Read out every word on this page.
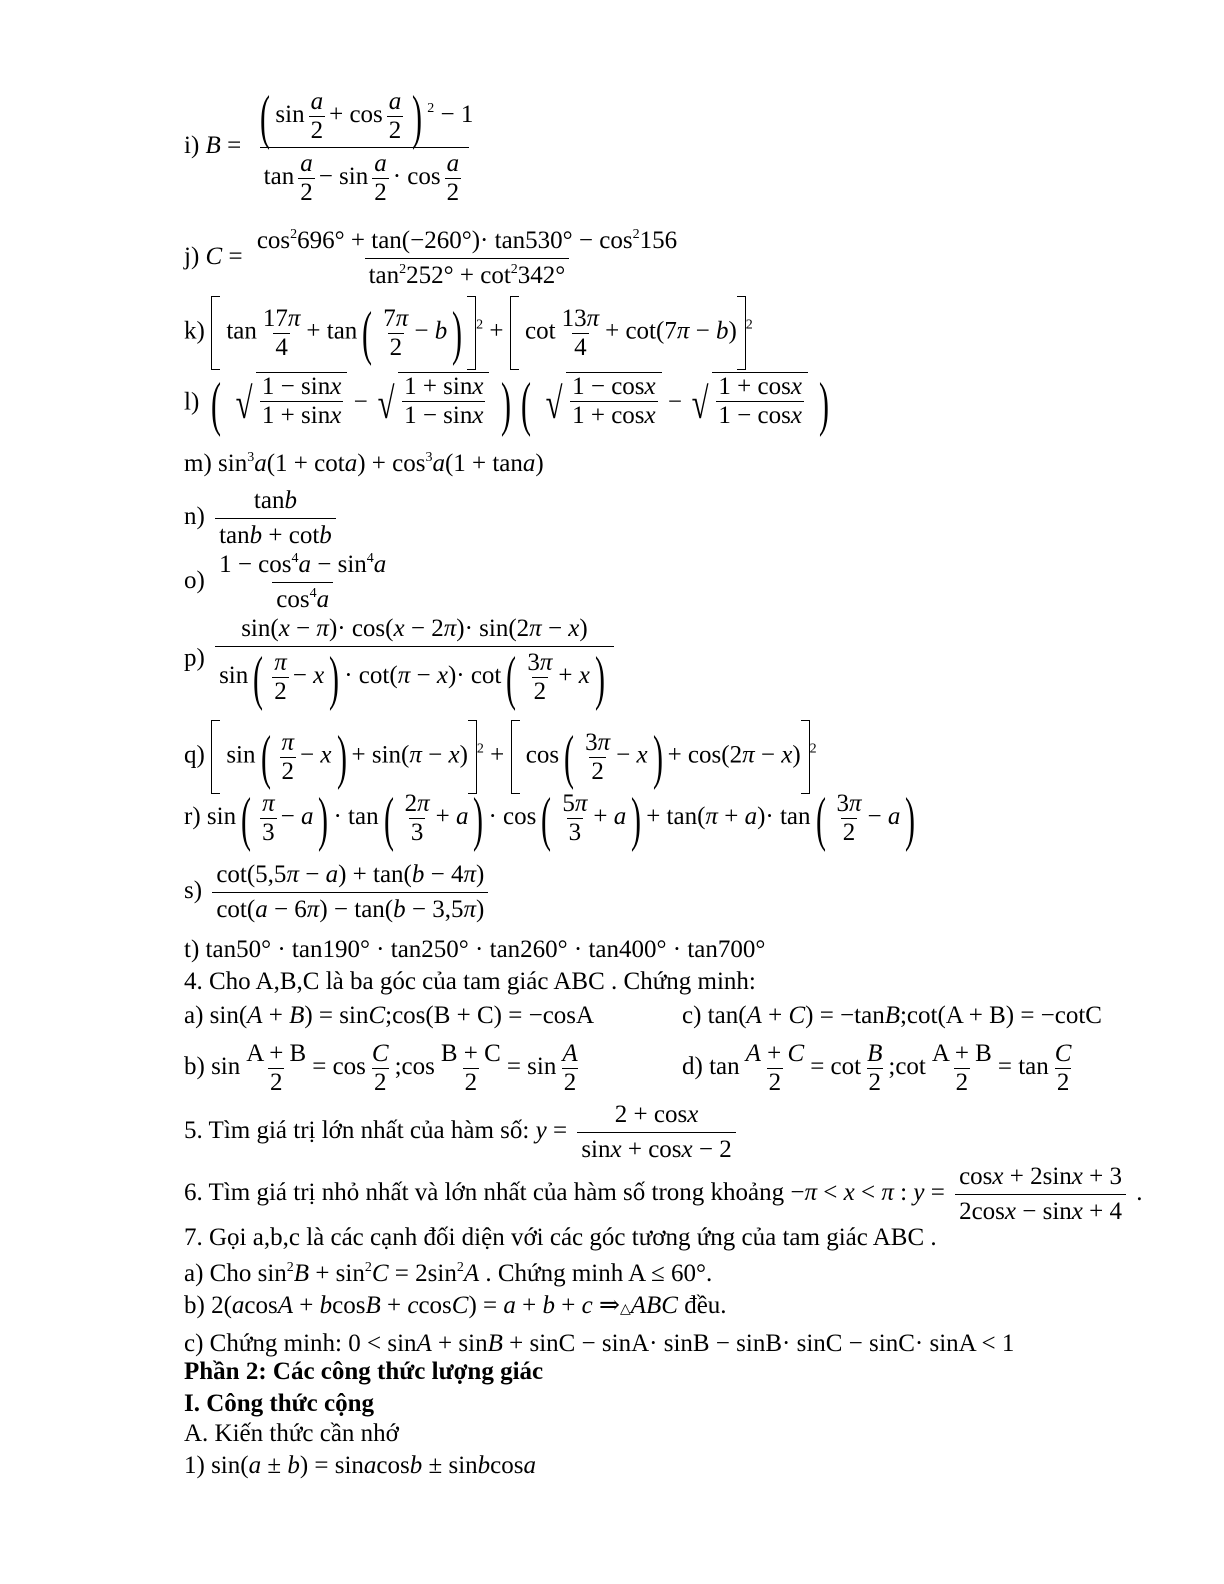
i) $B = \frac{( \sin \frac{a}{2} + \cos \frac{a}{2} ) ^2 - 1}{\tan \frac{a}{2} - \sin \frac{a}{2} \cdot \cos \frac{a}{2}}$
j) $C = \frac{\cos^2696^\circ + \tan(-260^\circ)\cdot \tan 530^\circ - \cos^2156}{\tan^2252^\circ + \cot^2342^\circ}$
k)  $\tan \frac{17\pi}{4} + \tan( \frac{7\pi}{2} - b) ^2 + \cot \frac{13\pi}{4} + \cot(7\pi - b)$ $^2$
l) ( √ $\frac{1 - \sin x}{1 + \sin x}$ − √ $\frac{1 + \sin x}{1 - \sin x}$ ) ( √ $\frac{1 - \cos x}{1 + \cos x}$ − √ $\frac{1 + \cos x}{1 - \cos x}$ )
m) $\sin^3a(1 + \cot a) + \cos^3a(1 + \tan a)$
$n) \frac{\tan b}{\tan b + \cot b}$
$o) \frac{1 - \cos^4a - \sin^4a}{\cos^4a}$
$p) \frac{\sin(x - \pi)\cdot \cos(x - 2\pi)\cdot \sin(2\pi - x)}{\sin( \frac{\pi}{2} - x) \cdot \cot(\pi - x)\cdot \cot( \frac{3\pi}{2} + x)}$
q)  $\sin( \frac{\pi}{2} - x) + \sin(\pi - x)$ $^2 + \cos( \frac{3\pi}{2} - x) + \cos(2\pi - x)$ $^2$
r) $\sin( \frac{\pi}{3} - a) \cdot \tan( \frac{2\pi}{3} + a) \cdot \cos( \frac{5\pi}{3} + a) + \tan(\pi + a)\cdot \tan( \frac{3\pi}{2} - a)$
$s) \frac{\cot(5,5\pi - a) + \tan(b - 4\pi)}{\cot(a - 6\pi) - \tan(b - 3,5\pi)}$
t) tan50° · tan190° · tan250° · tan260° · tan400° · tan700°
4. Cho A,B,C là ba góc của tam giác ABC . Chứng minh:
a) sin(A + B) = sinC;cos(B + C) = −cosA	c) tan(A + C) = −tanB;cot(A + B) = −cotC
b) $\sin \frac{A + B}{2} = \cos \frac{C}{2}$ ;cos $\frac{B + C}{2} = \sin \frac{A}{2}$	d) $\tan \frac{A + C}{2} = \cot \frac{B}{2}$ ;cot $\frac{A + B}{2} = \tan \frac{C}{2}$
5. Tìm giá trị lớn nhất của hàm số: $y = \frac{2 + \cos x}{\sin x + \cos x - 2}$
6. Tìm giá trị nhỏ nhất và lớn nhất của hàm số trong khoảng −π < x < π : $y = \frac{\cos x + 2\sin x + 3}{2\cos x - \sin x + 4}$ .
7. Gọi a,b,c là các cạnh đối diện với các góc tương ứng của tam giác ABC .
a) Cho $\sin^2B + \sin^2C = 2\sin^2A$ . Chứng minh A ≤ 60°.
b) 2(acosA + bcosB + ccosC) = a + b + c ⇒△ABC đều.
c) Chứng minh: 0 < sinA + sinB + sinC − sinA· sinB − sinB· sinC − sinC· sinA < 1
Phần 2: Các công thức lượng giác
I. Công thức cộng
A. Kiến thức cần nhớ
1) sin(a ± b) = sinacosb ± sinbcosa
